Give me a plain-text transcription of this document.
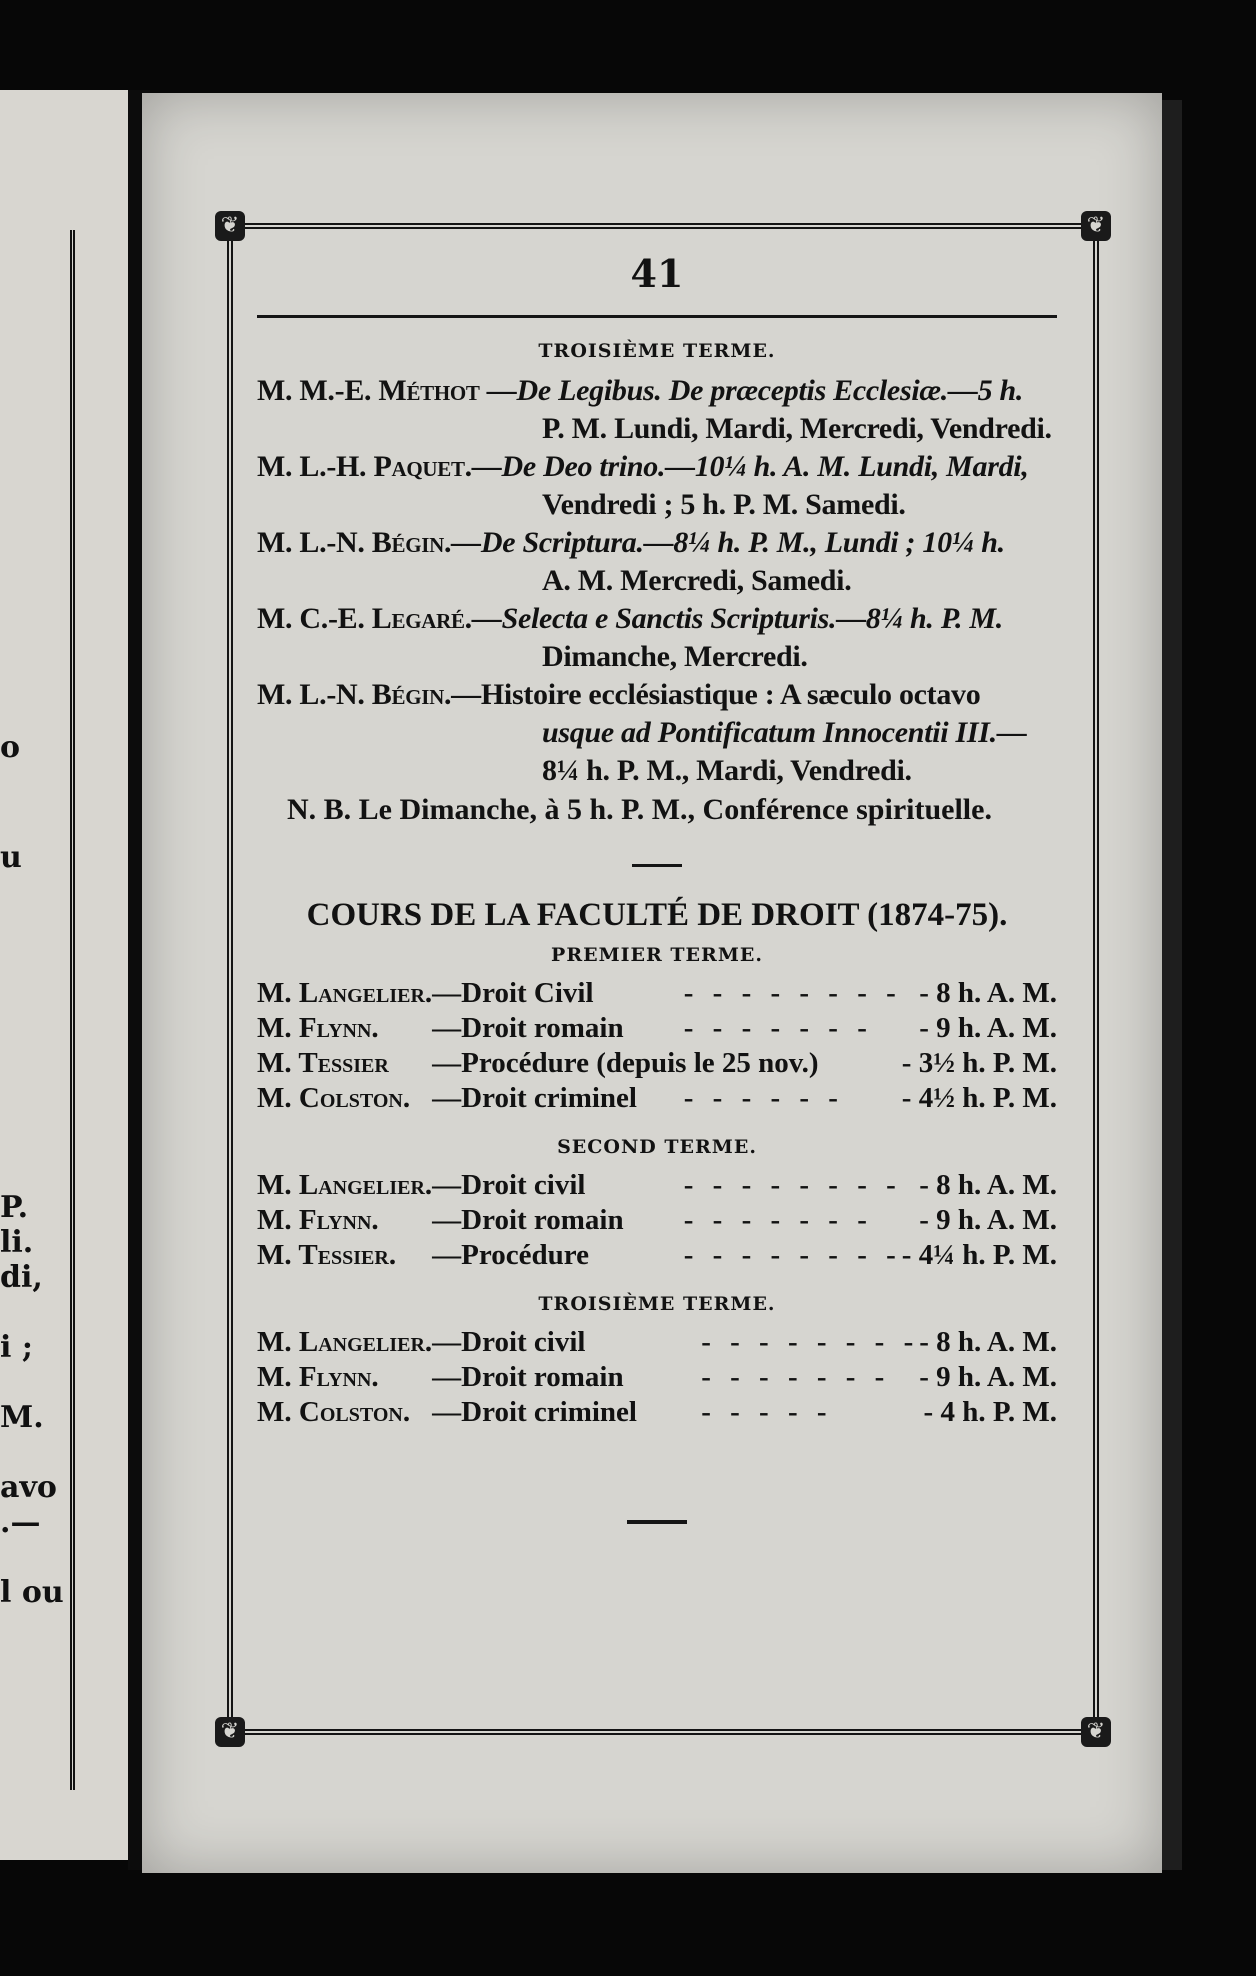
o
u
P.
li.
di,
i ;
M.
avo
.—
l ou
❦	❦
❦	❦
41
TROISIÈME TERME.
M. M.-E. Méthot —De Legibus. De præceptis Ecclesiæ.—5 h.
P. M. Lundi, Mardi, Mercredi, Vendredi.
M. L.-H. Paquet.—De Deo trino.—10¼ h. A. M. Lundi, Mardi,
Vendredi ; 5 h. P. M. Samedi.
M. L.-N. Bégin.—De Scriptura.—8¼ h. P. M., Lundi ; 10¼ h.
A. M. Mercredi, Samedi.
M. C.-E. Legaré.—Selecta e Sanctis Scripturis.—8¼ h. P. M.
Dimanche, Mercredi.
M. L.-N. Bégin.—Histoire ecclésiastique : A sæculo octavo
usque ad Pontificatum Innocentii III.—
8¼ h. P. M., Mardi, Vendredi.
N. B. Le Dimanche, à 5 h. P. M., Conférence spirituelle.
COURS DE LA FACULTÉ DE DROIT (1874-75).
PREMIER TERME.
M. Langelier.	—Droit Civil	- - - - - - - -	- 8 h. A. M.
M. Flynn.	—Droit romain	- - - - - - -	- 9 h. A. M.
M. Tessier	—Procédure (depuis le 25 nov.)		- 3½ h. P. M.
M. Colston.	—Droit criminel	- - - - - -	- 4½ h. P. M.
SECOND TERME.
M. Langelier.	—Droit civil	- - - - - - - -	- 8 h. A. M.
M. Flynn.	—Droit romain	- - - - - - -	- 9 h. A. M.
M. Tessier.	—Procédure	- - - - - - - -	- 4¼ h. P. M.
TROISIÈME TERME.
M. Langelier.	—Droit civil	- - - - - - - -	- 8 h. A. M.
M. Flynn.	—Droit romain	- - - - - - -	- 9 h. A. M.
M. Colston.	—Droit criminel	- - - - -	- 4 h. P. M.
